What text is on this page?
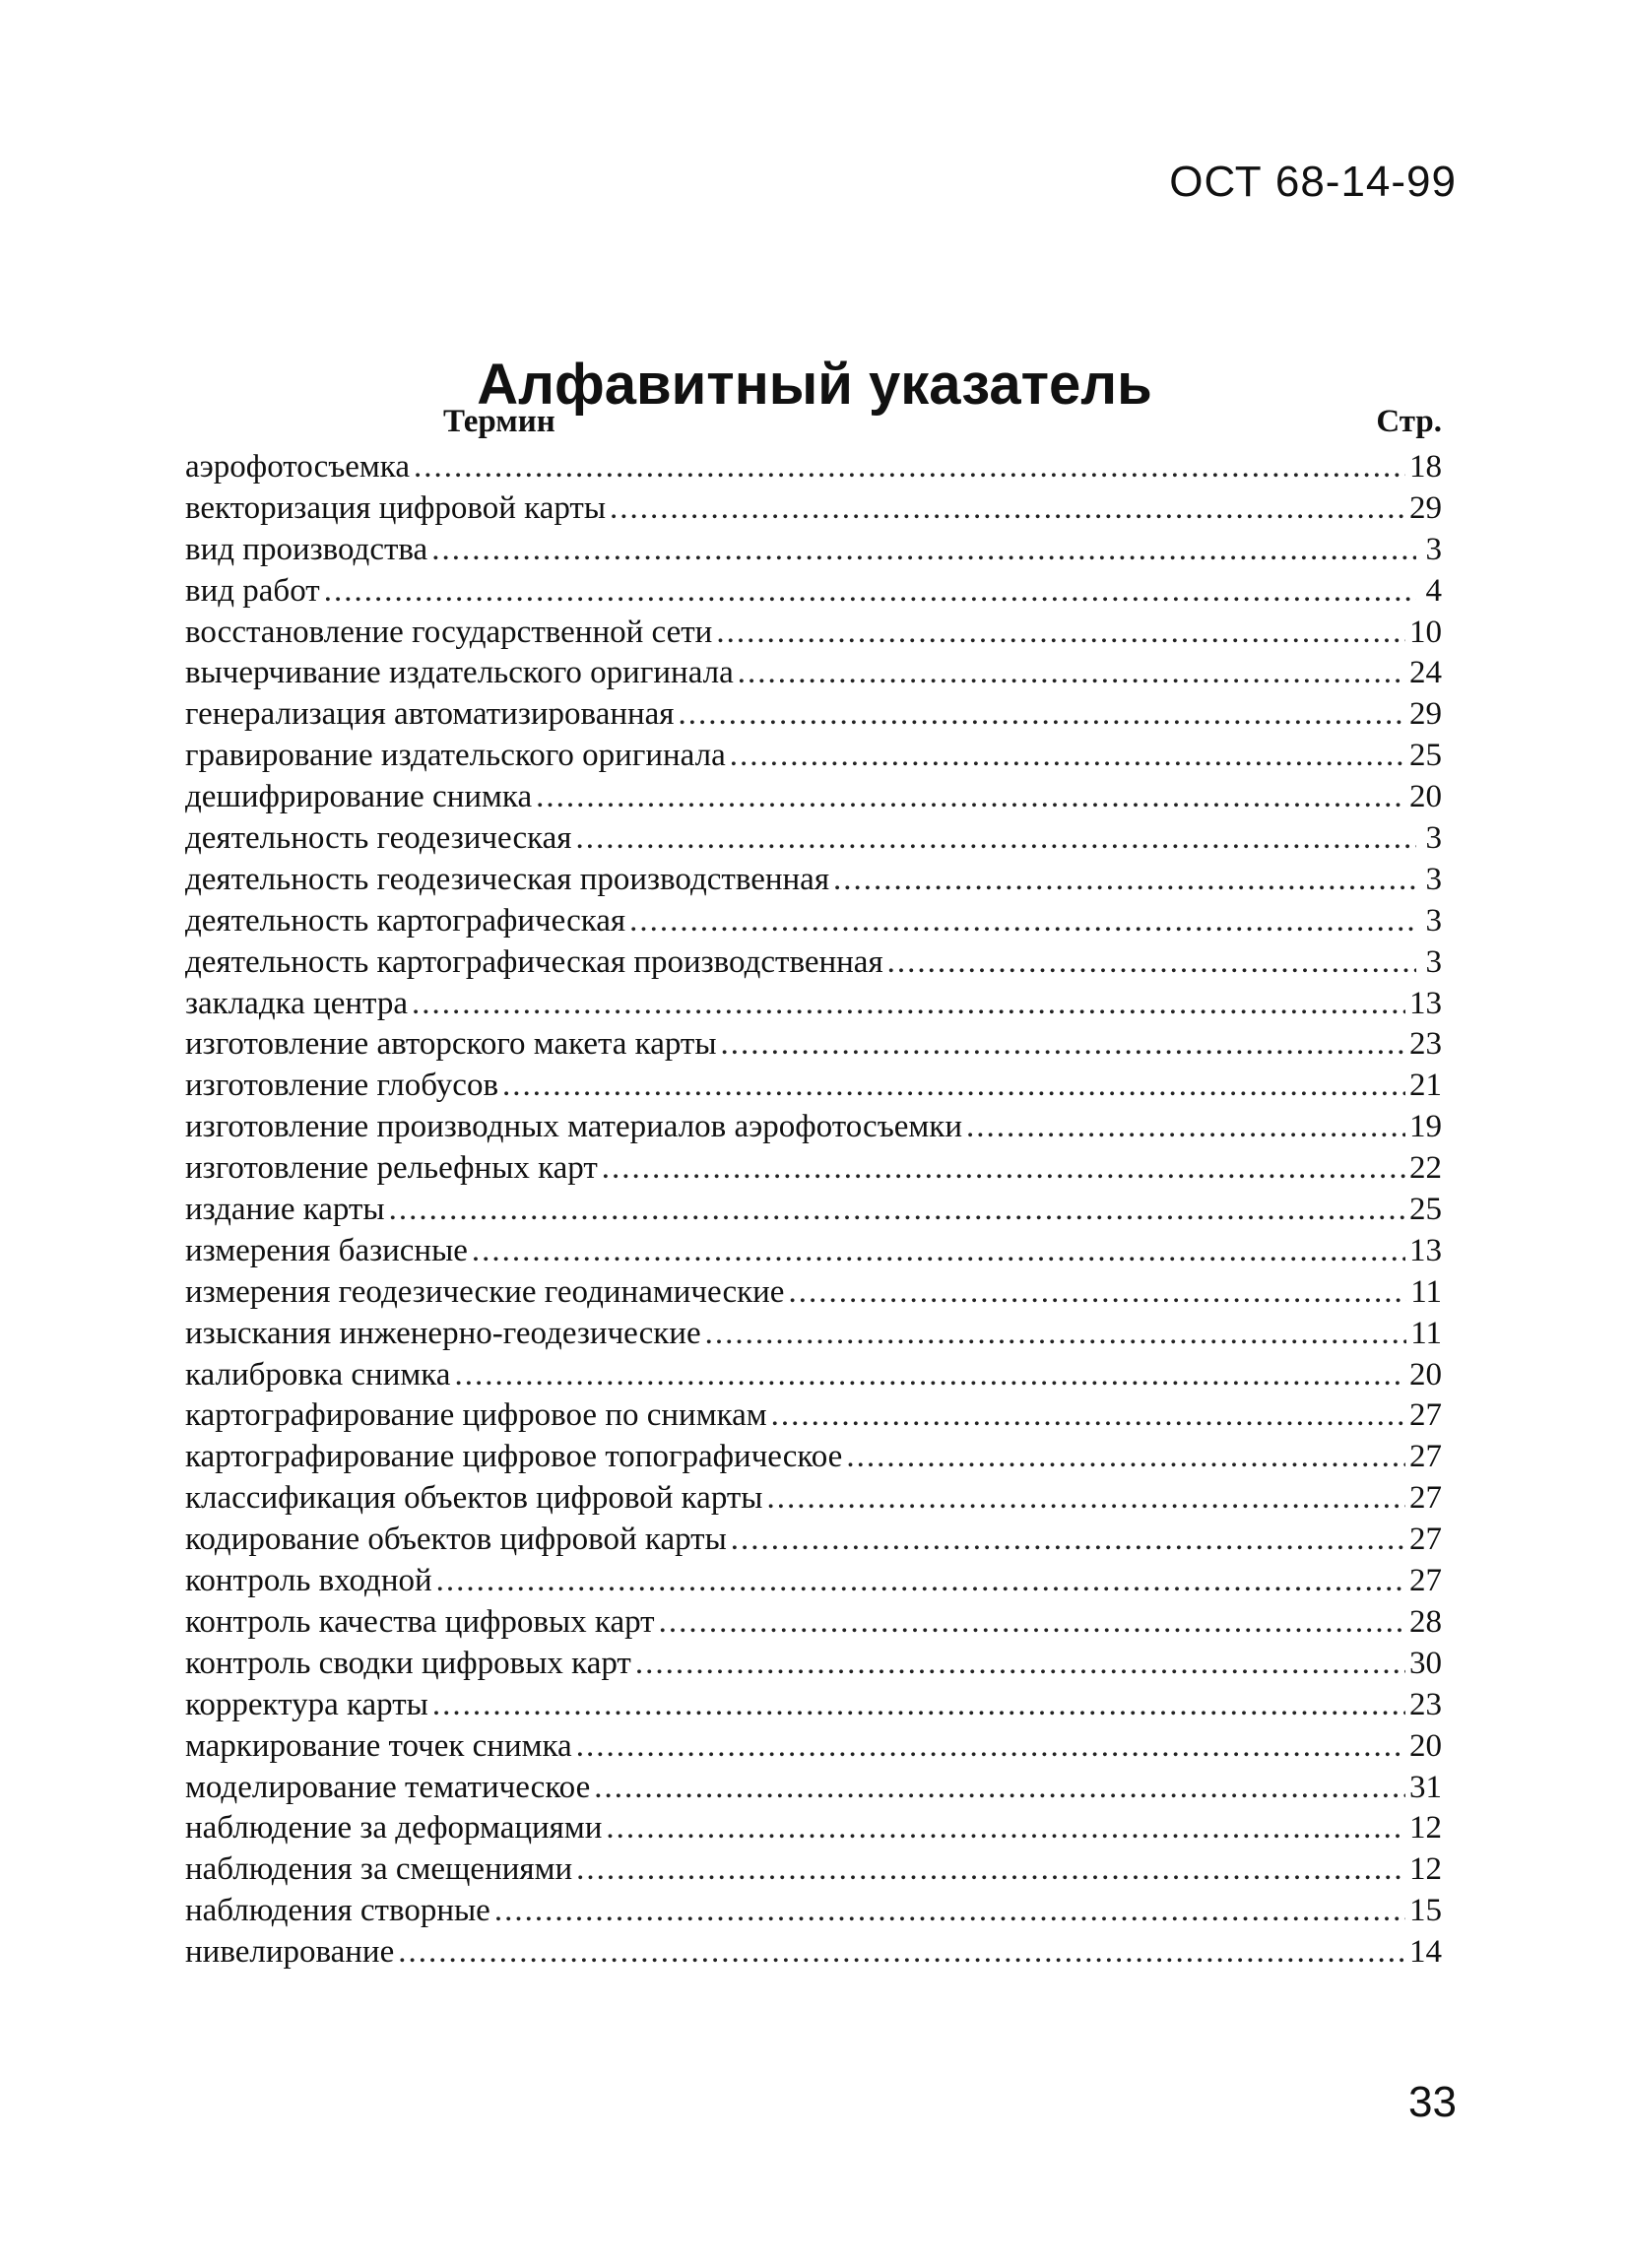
ОСТ 68-14-99
Алфавитный указатель
Термин	Стр.
аэрофотосъемка .....	18
векторизация цифровой карты .....	29
вид производства .....	3
вид работ .....	4
восстановление государственной сети .....	10
вычерчивание издательского оригинала .....	24
генерализация автоматизированная .....	29
гравирование издательского оригинала .....	25
дешифрирование снимка .....	20
деятельность геодезическая .....	3
деятельность геодезическая производственная .....	3
деятельность картографическая .....	3
деятельность картографическая производственная .....	3
закладка центра .....	13
изготовление авторского макета карты .....	23
изготовление глобусов .....	21
изготовление производных материалов аэрофотосъемки .....	19
изготовление рельефных карт .....	22
издание карты .....	25
измерения базисные .....	13
измерения геодезические геодинамические .....	11
изыскания инженерно-геодезические .....	11
калибровка снимка .....	20
картографирование цифровое по снимкам .....	27
картографирование цифровое топографическое .....	27
классификация объектов цифровой карты .....	27
кодирование объектов цифровой карты .....	27
контроль входной .....	27
контроль качества цифровых карт .....	28
контроль сводки цифровых карт .....	30
корректура карты .....	23
маркирование точек снимка .....	20
моделирование тематическое .....	31
наблюдение за деформациями .....	12
наблюдения за смещениями .....	12
наблюдения створные .....	15
нивелирование .....	14
33
